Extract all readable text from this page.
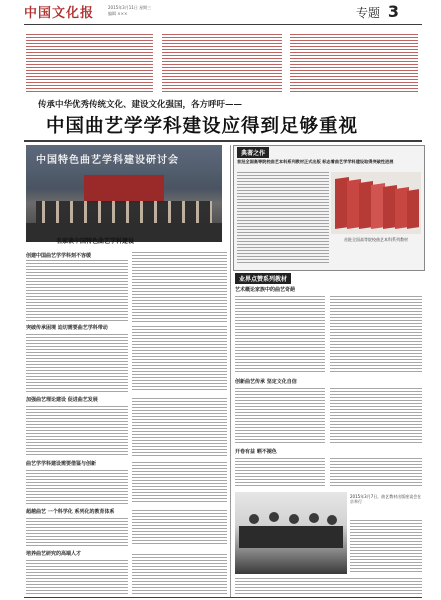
中国文化报	2015年3月11日 星期三
编辑 ×××	专题 3
传承中华优秀传统文化、建设文化强国，各方呼吁——
中国曲艺学学科建设应得到足够重视
中国特色曲艺学科建设研讨会
名家谈中国特色曲艺学科建设
创建中国曲艺学学科刻不容缓
突破传承困境 迫切需要曲艺学科带动
加强曲艺理论建设 促进曲艺发展
曲艺学学科建设需要借鉴与创新
超越曲艺 一个科学化 系列化的教育体系
培养曲艺研究的高端人才
典著之作
首批全国高等院校曲艺本科系列教材正式出版 标志着曲艺学学科建设取得突破性进展
首批全国高等院校曲艺本科系列教材
业界点赞系列教材
艺术概论家族中的曲艺奇葩
创新曲艺传承 坚定文化自信
开卷有益 晒不褪色
2015年3月7日，曲艺教材出版座谈会在京举行
